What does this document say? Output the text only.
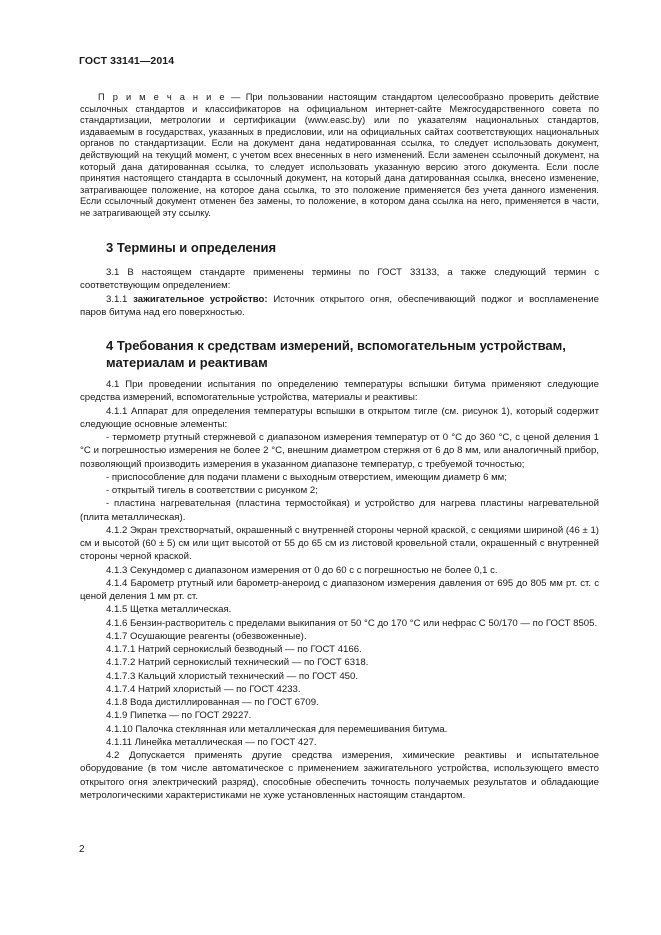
ГОСТ 33141—2014

П р и м е ч а н и е — При пользовании настоящим стандартом целесообразно проверить действие ссылочных стандартов и классификаторов на официальном интернет-сайте Межгосударственного совета по стандартизации, метрологии и сертификации (www.easc.by) или по указателям национальных стандартов, издаваемым в государствах, указанных в предисловии, или на официальных сайтах соответствующих национальных органов по стандартизации. Если на документ дана недатированная ссылка, то следует использовать документ, действующий на текущий момент, с учетом всех внесенных в него изменений. Если заменен ссылочный документ, на который дана датированная ссылка, то следует использовать указанную версию этого документа. Если после принятия настоящего стандарта в ссылочный документ, на который дана датированная ссылка, внесено изменение, затрагивающее положение, на которое дана ссылка, то это положение применяется без учета данного изменения. Если ссылочный документ отменен без замены, то положение, в котором дана ссылка на него, применяется в части, не затрагивающей эту ссылку.

3 Термины и определения

3.1 В настоящем стандарте применены термины по ГОСТ 33133, а также следующий термин с соответствующим определением:

3.1.1 зажигательное устройство: Источник открытого огня, обеспечивающий поджог и воспламенение паров битума над его поверхностью.

4 Требования к средствам измерений, вспомогательным устройствам,
материалам и реактивам

4.1 При проведении испытания по определению температуры вспышки битума применяют следующие средства измерений, вспомогательные устройства, материалы и реактивы:

4.1.1 Аппарат для определения температуры вспышки в открытом тигле (см. рисунок 1), который содержит следующие основные элементы:

- термометр ртутный стержневой с диапазоном измерения температур от 0 °C до 360 °C, с ценой деления 1 °C и погрешностью измерения не более 2 °C, внешним диаметром стержня от 6 до 8 мм, или аналогичный прибор, позволяющий производить измерения в указанном диапазоне температур, с требуемой точностью;

- приспособление для подачи пламени с выходным отверстием, имеющим диаметр 6 мм;

- открытый тигель в соответствии с рисунком 2;

- пластина нагревательная (пластина термостойкая) и устройство для нагрева пластины нагревательной (плита металлическая).

4.1.2 Экран трехстворчатый, окрашенный с внутренней стороны черной краской, с секциями шириной (46 ± 1) см и высотой (60 ± 5) см или щит высотой от 55 до 65 см из листовой кровельной стали, окрашенный с внутренней стороны черной краской.

4.1.3 Секундомер с диапазоном измерения от 0 до 60 с с погрешностью не более 0,1 с.

4.1.4 Барометр ртутный или барометр-анероид с диапазоном измерения давления от 695 до 805 мм рт. ст. с ценой деления 1 мм рт. ст.

4.1.5 Щетка металлическая.

4.1.6 Бензин-растворитель с пределами выкипания от 50 °C до 170 °C или нефрас С 50/170 — по ГОСТ 8505.

4.1.7 Осушающие реагенты (обезвоженные).

4.1.7.1 Натрий сернокислый безводный — по ГОСТ 4166.

4.1.7.2 Натрий сернокислый технический — по ГОСТ 6318.

4.1.7.3 Кальций хлористый технический — по ГОСТ 450.

4.1.7.4 Натрий хлористый — по ГОСТ 4233.

4.1.8 Вода дистиллированная — по ГОСТ 6709.

4.1.9 Пипетка — по ГОСТ 29227.

4.1.10 Палочка стеклянная или металлическая для перемешивания битума.

4.1.11 Линейка металлическая — по ГОСТ 427.

4.2 Допускается применять другие средства измерения, химические реактивы и испытательное оборудование (в том числе автоматическое с применением зажигательного устройства, использующего вместо открытого огня электрический разряд), способные обеспечить точность получаемых результатов и обладающие метрологическими характеристиками не хуже установленных настоящим стандартом.

2
